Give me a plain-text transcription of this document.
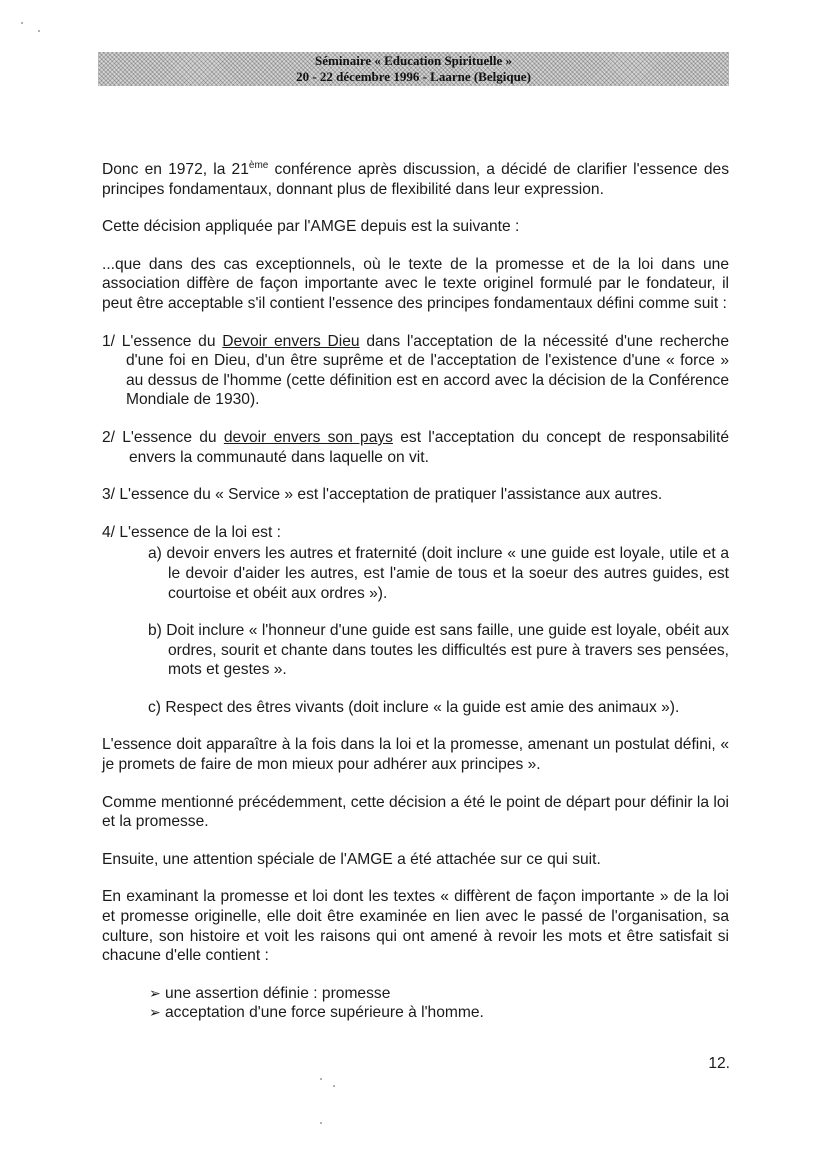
Séminaire « Education Spirituelle »
20 - 22 décembre 1996 - Laarne (Belgique)

Donc en 1972, la 21ème conférence après discussion, a décidé de clarifier l'essence des principes fondamentaux, donnant plus de flexibilité dans leur expression.

Cette décision appliquée par l'AMGE depuis est la suivante :

...que dans des cas exceptionnels, où le texte de la promesse et de la loi dans une association diffère de façon importante avec le texte originel formulé par le fondateur, il peut être acceptable s'il contient l'essence des principes fondamentaux défini comme suit :

1/ L'essence du Devoir envers Dieu dans l'acceptation de la nécessité d'une recherche d'une foi en Dieu, d'un être suprême et de l'acceptation de l'existence d'une « force » au dessus de l'homme (cette définition est en accord avec la décision de la Conférence Mondiale de 1930).

2/ L'essence du devoir envers son pays est l'acceptation du concept de responsabilité envers la communauté dans laquelle on vit.

3/ L'essence du « Service » est l'acceptation de pratiquer l'assistance aux autres.

4/ L'essence de la loi est :

a) devoir envers les autres et fraternité (doit inclure « une guide est loyale, utile et a le devoir d'aider les autres, est l'amie de tous et la soeur des autres guides, est courtoise et obéit aux ordres »).

b) Doit inclure « l'honneur d'une guide est sans faille, une guide est loyale, obéit aux ordres, sourit et chante dans toutes les difficultés est pure à travers ses pensées, mots et gestes ».

c) Respect des êtres vivants (doit inclure « la guide est amie des animaux »).

L'essence doit apparaître à la fois dans la loi et la promesse, amenant un postulat défini, « je promets de faire de mon mieux pour adhérer aux principes ».

Comme mentionné précédemment, cette décision a été le point de départ pour définir la loi et la promesse.

Ensuite, une attention spéciale de l'AMGE a été attachée sur ce qui suit.

En examinant la promesse et loi dont les textes « diffèrent de façon importante » de la loi et promesse originelle, elle doit être examinée en lien avec le passé de l'organisation, sa culture, son histoire et voit les raisons qui ont amené à revoir les mots et être satisfait si chacune d'elle contient :

➢ une assertion définie : promesse
➢ acceptation d'une force supérieure à l'homme.
12.
